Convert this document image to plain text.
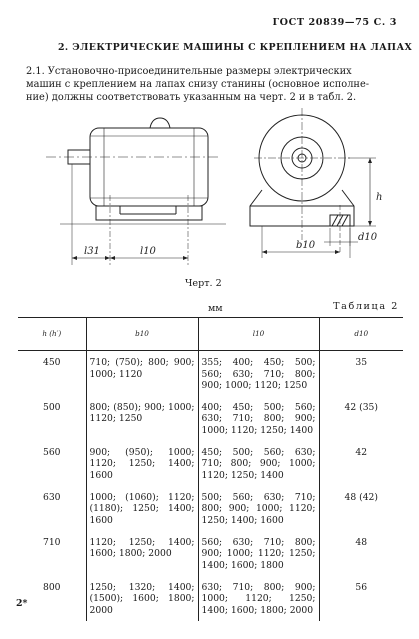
ГОСТ 20839—75 С. 3
2. ЭЛЕКТРИЧЕСКИЕ МАШИНЫ С КРЕПЛЕНИЕМ НА ЛАПАХ
2.1. Установочно-присоединительные размеры электрических
машин с креплением на лапах снизу станины (основное исполне-
ние) должны соответствовать указанным на черт. 2 и в табл. 2.
l31	l10
b10
h
d10
Черт. 2
мм	Таблица 2
h (h′)	b10	l10	d10
450	710; (750); 800; 900; 1000; 1120	355; 400; 450; 500; 560; 630; 710; 800; 900; 1000; 1120; 1250	35
500	800; (850); 900; 1000; 1120; 1250	400; 450; 500; 560; 630; 710; 800; 900; 1000; 1120; 1250; 1400	42 (35)
560	900; (950); 1000; 1120; 1250; 1400; 1600	450; 500; 560; 630; 710; 800; 900; 1000; 1120; 1250; 1400	42
630	1000; (1060); 1120; (1180); 1250; 1400; 1600	500; 560; 630; 710; 800; 900; 1000; 1120; 1250; 1400; 1600	48 (42)
710	1120; 1250; 1400; 1600; 1800; 2000	560; 630; 710; 800; 900; 1000; 1120; 1250; 1400; 1600; 1800	48
800	1250; 1320; 1400; (1500); 1600; 1800; 2000	630; 710; 800; 900; 1000; 1120; 1250; 1400; 1600; 1800; 2000	56
2*
